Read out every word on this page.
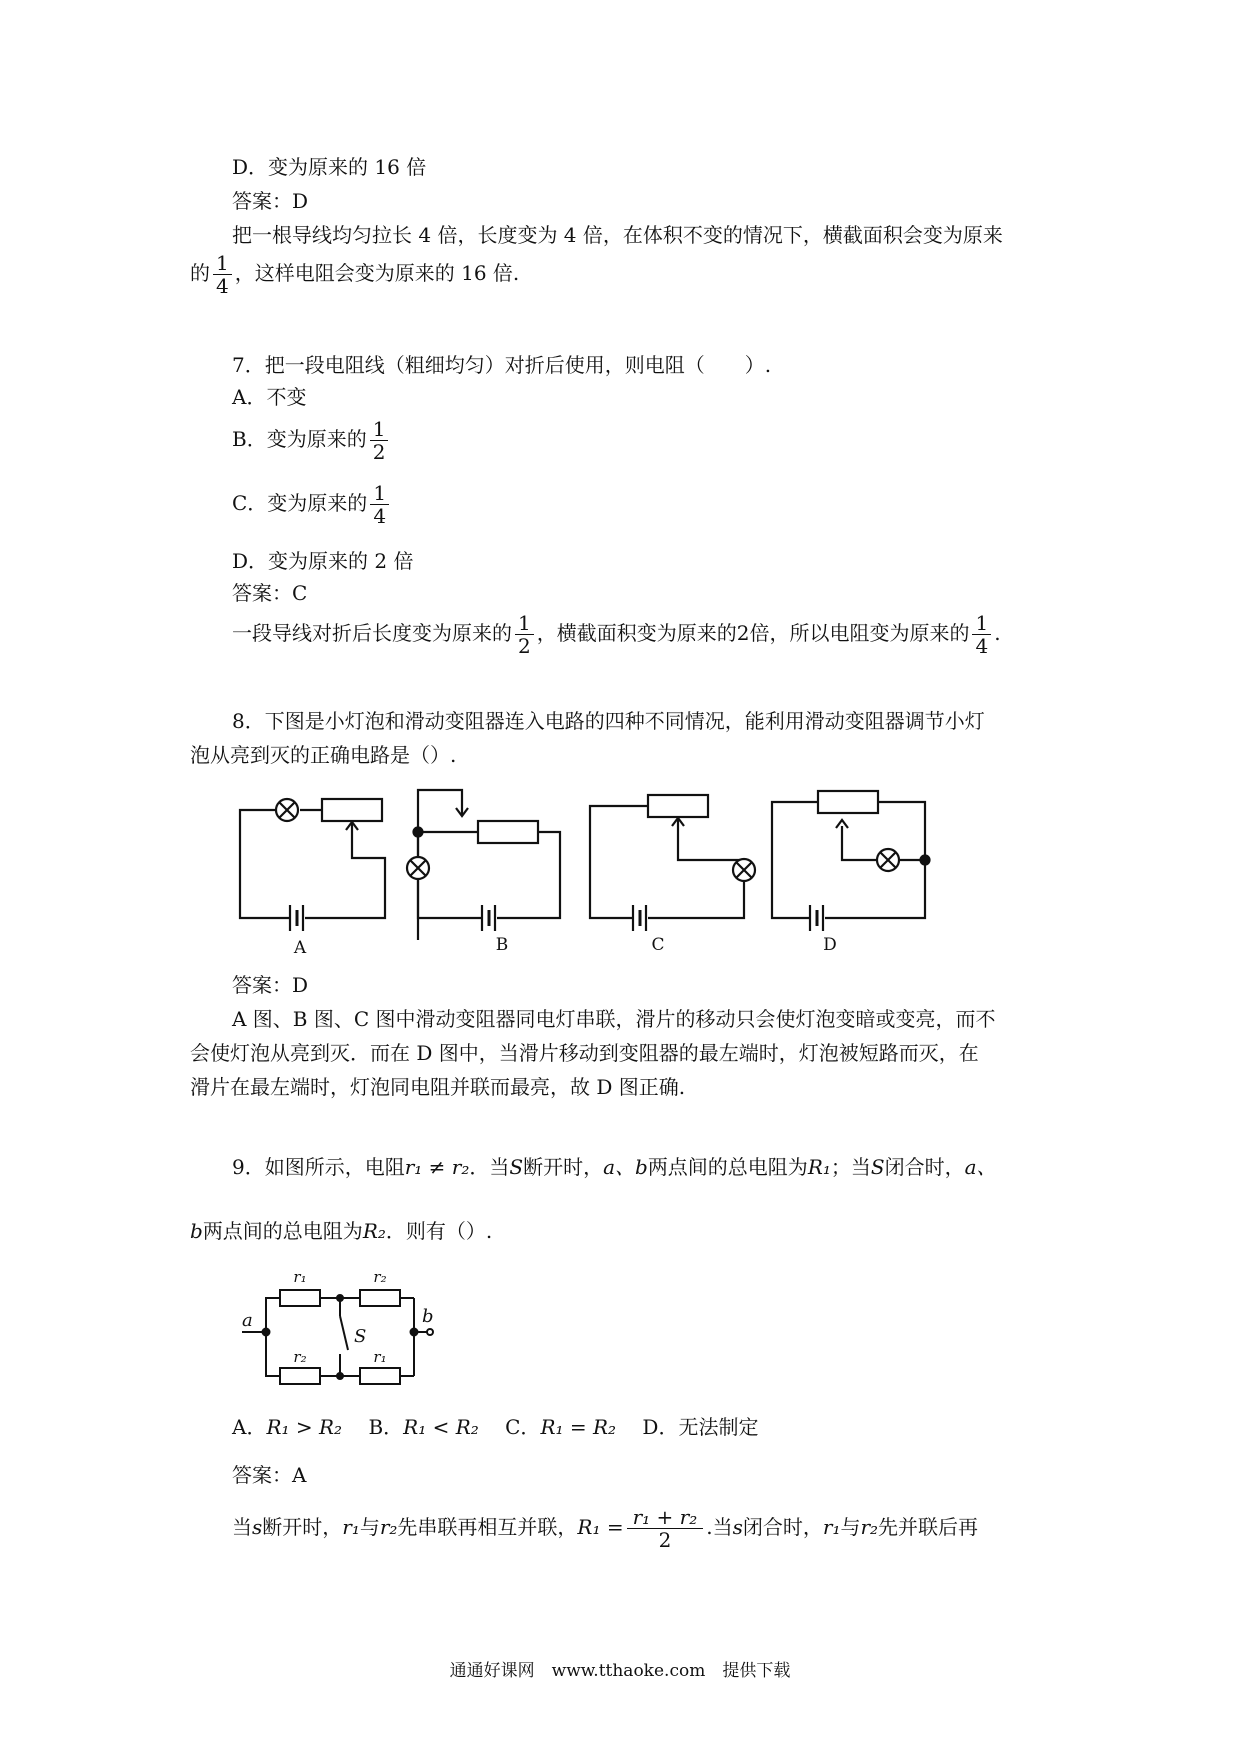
D．变为原来的 16 倍
答案：D
把一根导线均匀拉长 4 倍，长度变为 4 倍，在体积不变的情况下，横截面积会变为原来
的 $\frac{1}{4}$ ，这样电阻会变为原来的 16 倍.
7．把一段电阻线（粗细均匀）对折后使用，则电阻（　　）.
A．不变
B．变为原来的 $\frac{1}{2}$
C．变为原来的 $\frac{1}{4}$
D．变为原来的 2 倍
答案：C
一段导线对折后长度变为原来的 $\frac{1}{2}$ ，横截面积变为原来的2倍，所以电阻变为原来的 $\frac{1}{4}$ .
8．下图是小灯泡和滑动变阻器连入电路的四种不同情况，能利用滑动变阻器调节小灯
泡从亮到灭的正确电路是（）.
A	B	C	D
答案：D
A 图、B 图、C 图中滑动变阻器同电灯串联，滑片的移动只会使灯泡变暗或变亮，而不
会使灯泡从亮到灭．而在 D 图中，当滑片移动到变阻器的最左端时，灯泡被短路而灭，在
滑片在最左端时，灯泡同电阻并联而最亮，故 D 图正确.
9．如图所示，电阻r₁ ≠ r₂．当S断开时，a、b两点间的总电阻为R₁；当S闭合时，a、
b两点间的总电阻为R₂．则有（）.
r₁	r₂
r₂	r₁
S
a	b
A．R₁ > R₂　 B．R₁ < R₂　 C．R₁ = R₂　 D．无法制定
答案：A
当s断开时，r₁与r₂先串联再相互并联，$R_1 = \frac{\text{r₁ + r₂}}{2}$ .当s闭合时，r₁与r₂先并联后再
通通好课网　www.tthaoke.com　提供下载
